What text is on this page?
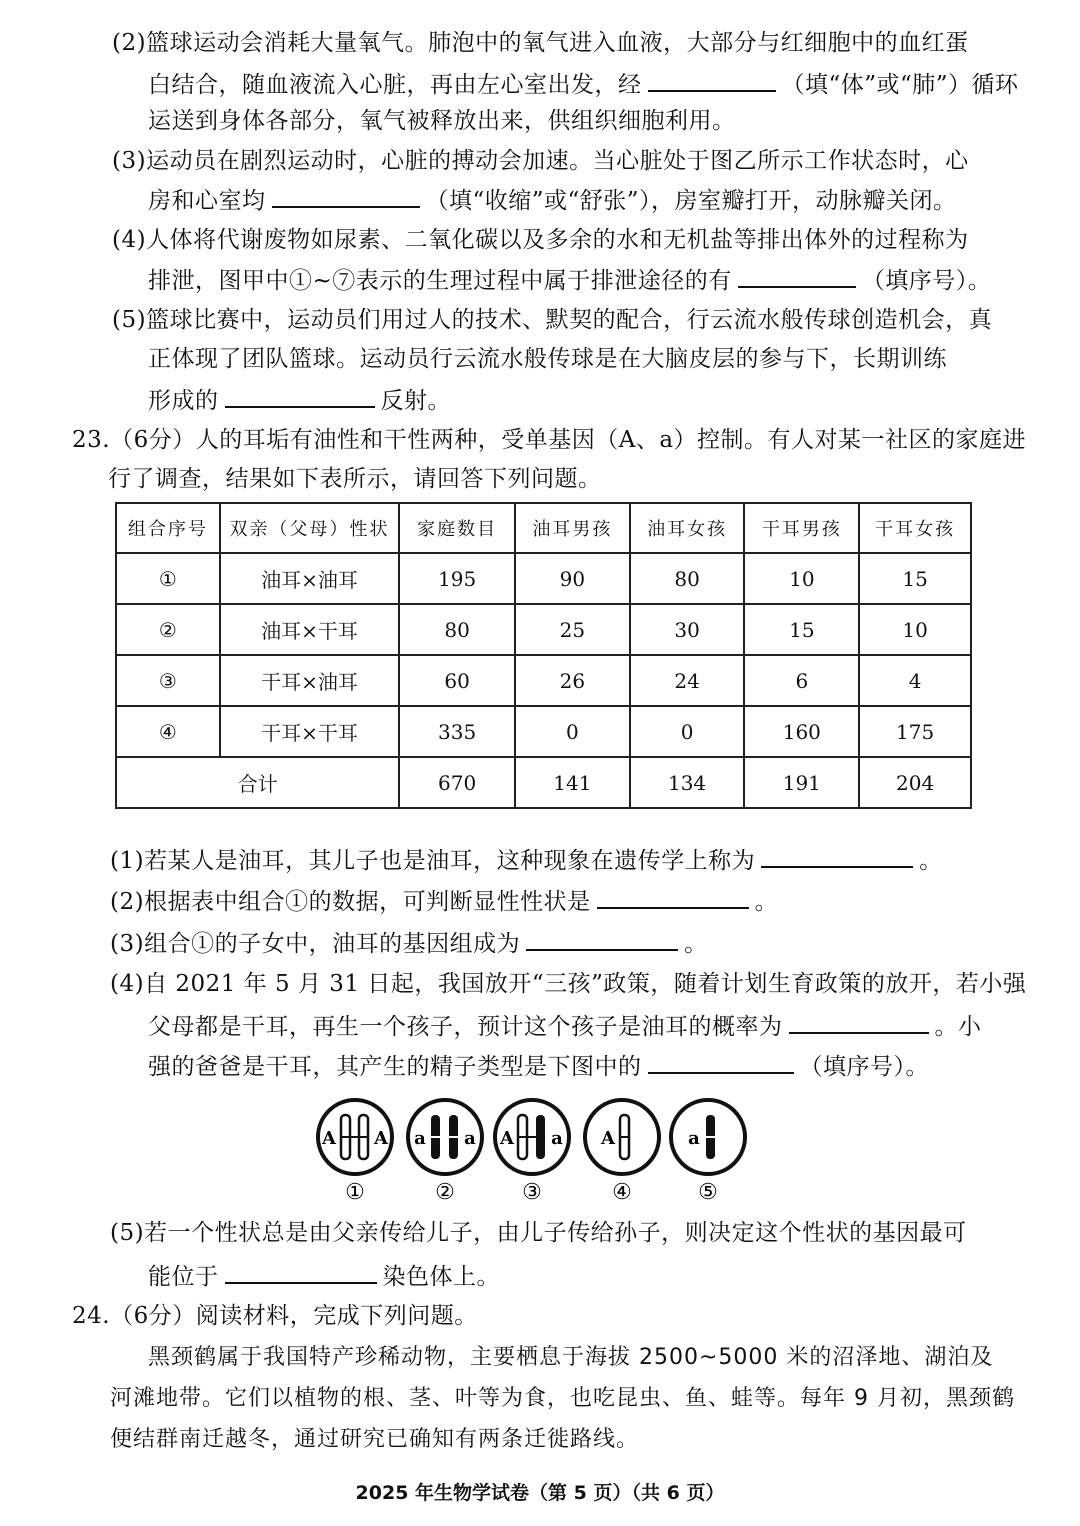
(2)篮球运动会消耗大量氧气。肺泡中的氧气进入血液，大部分与红细胞中的血红蛋
白结合，随血液流入心脏，再由左心室出发，经	（填“体”或“肺”）循环
运送到身体各部分，氧气被释放出来，供组织细胞利用。
(3)运动员在剧烈运动时，心脏的搏动会加速。当心脏处于图乙所示工作状态时，心
房和心室均	（填“收缩”或“舒张”），房室瓣打开，动脉瓣关闭。
(4)人体将代谢废物如尿素、二氧化碳以及多余的水和无机盐等排出体外的过程称为
排泄，图甲中①~⑦表示的生理过程中属于排泄途径的有	（填序号）。
(5)篮球比赛中，运动员们用过人的技术、默契的配合，行云流水般传球创造机会，真
正体现了团队篮球。运动员行云流水般传球是在大脑皮层的参与下，长期训练
形成的	反射。
23.（6分）人的耳垢有油性和干性两种，受单基因（A、a）控制。有人对某一社区的家庭进
行了调查，结果如下表所示，请回答下列问题。
组合序号	双亲（父母）性状	家庭数目	油耳男孩	油耳女孩	干耳男孩	干耳女孩
①	油耳×油耳	195	90	80	10	15
②	油耳×干耳	80	25	30	15	10
③	干耳×油耳	60	26	24	6	4
④	干耳×干耳	335	0	0	160	175
合计		670	141	134	191	204
(1)若某人是油耳，其儿子也是油耳，这种现象在遗传学上称为	。
(2)根据表中组合①的数据，可判断显性性状是	。
(3)组合①的子女中，油耳的基因组成为	。
(4)自 2021 年 5 月 31 日起，我国放开“三孩”政策，随着计划生育政策的放开，若小强
父母都是干耳，再生一个孩子，预计这个孩子是油耳的概率为	。小
强的爸爸是干耳，其产生的精子类型是下图中的	（填序号）。
A A
①
a a
②
A a
③
A
④
a
⑤
(5)若一个性状总是由父亲传给儿子，由儿子传给孙子，则决定这个性状的基因最可
能位于	染色体上。
24.（6分）阅读材料，完成下列问题。
黑颈鹤属于我国特产珍稀动物，主要栖息于海拔 2500~5000 米的沼泽地、湖泊及
河滩地带。它们以植物的根、茎、叶等为食，也吃昆虫、鱼、蛙等。每年 9 月初，黑颈鹤
便结群南迁越冬，通过研究已确知有两条迁徙路线。
2025 年生物学试卷（第 5 页）（共 6 页）
